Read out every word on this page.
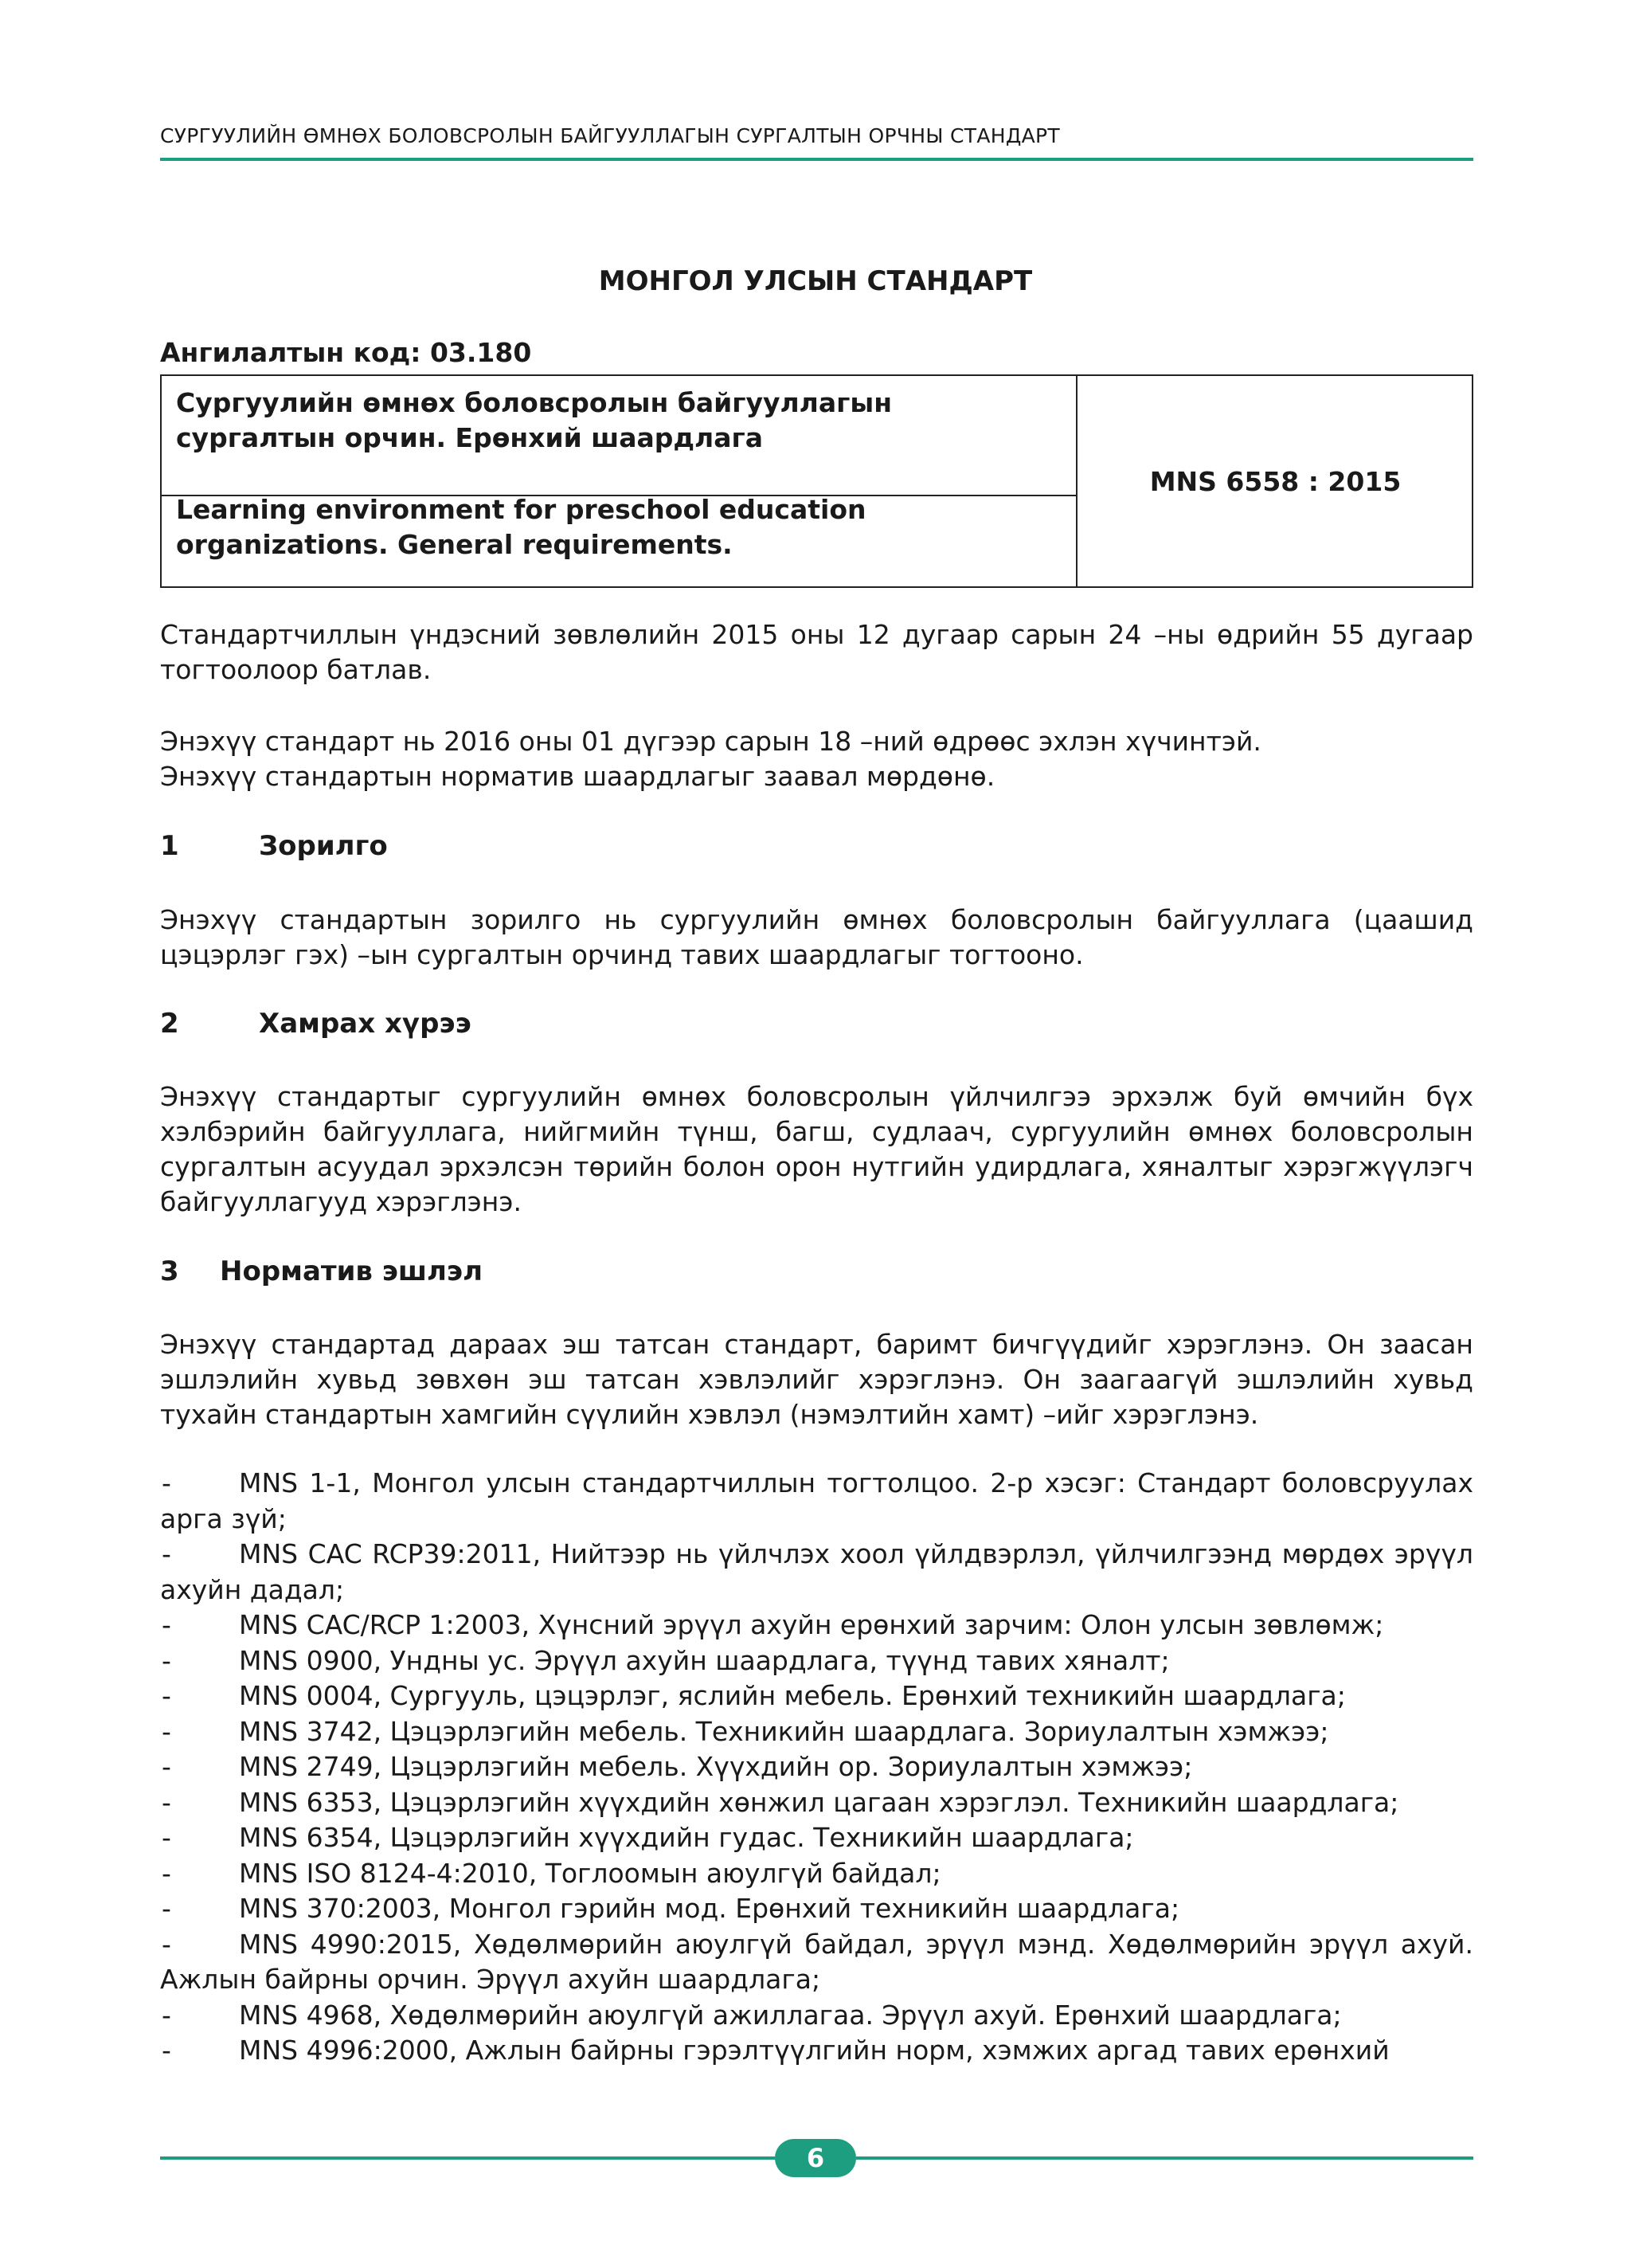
СУРГУУЛИЙН ӨМНӨХ БОЛОВСРОЛЫН БАЙГУУЛЛАГЫН СУРГАЛТЫН ОРЧНЫ СТАНДАРТ
МОНГОЛ УЛСЫН СТАНДАРТ
Ангилалтын код: 03.180
Сургуулийн өмнөх боловсролын байгууллагын сургалтын орчин. Ерөнхий шаардлага
Learning environment for preschool education organizations. General requirements.
MNS 6558 : 2015
Стандартчиллын үндэсний зөвлөлийн 2015 оны 12 дугаар сарын 24 –ны өдрийн 55 дугаар тогтоолоор батлав.
Энэхүү стандарт нь 2016 оны 01 дүгээр сарын 18 –ний өдрөөс эхлэн хүчинтэй.
Энэхүү стандартын норматив шаардлагыг заавал мөрдөнө.
1	Зорилго
Энэхүү стандартын зорилго нь сургуулийн өмнөх боловсролын байгууллага (цаашид цэцэрлэг гэх) –ын сургалтын орчинд тавих шаардлагыг тогтооно.
2	Хамрах хүрээ
Энэхүү стандартыг сургуулийн өмнөх боловсролын үйлчилгээ эрхэлж буй өмчийн бүх хэлбэрийн байгууллага, нийгмийн түнш, багш, судлаач, сургуулийн өмнөх боловсролын сургалтын асуудал эрхэлсэн төрийн болон орон нутгийн удирдлага, хяналтыг хэрэгжүүлэгч байгууллагууд хэрэглэнэ.
3 Норматив эшлэл
Энэхүү стандартад дараах эш татсан стандарт, баримт бичгүүдийг хэрэглэнэ. Он заасан эшлэлийн хувьд зөвхөн эш татсан хэвлэлийг хэрэглэнэ. Он заагаагүй эшлэлийн хувьд тухайн стандартын хамгийн сүүлийн хэвлэл (нэмэлтийн хамт) –ийг хэрэглэнэ.
-	MNS 1-1, Монгол улсын стандартчиллын тогтолцоо. 2-р хэсэг: Стандарт боловсруулах арга зүй;
-	MNS CAC RCP39:2011, Нийтээр нь үйлчлэх хоол үйлдвэрлэл, үйлчилгээнд мөрдөх эрүүл ахуйн дадал;
-	MNS CAC/RCP 1:2003, Хүнсний эрүүл ахуйн ерөнхий зарчим: Олон улсын зөвлөмж;
-	MNS 0900, Ундны ус. Эрүүл ахуйн шаардлага, түүнд тавих хяналт;
-	MNS 0004, Сургууль, цэцэрлэг, яслийн мебель. Ерөнхий техникийн шаардлага;
-	MNS 3742, Цэцэрлэгийн мебель. Техникийн шаардлага. Зориулалтын хэмжээ;
-	MNS 2749, Цэцэрлэгийн мебель. Хүүхдийн ор. Зориулалтын хэмжээ;
-	MNS 6353, Цэцэрлэгийн хүүхдийн хөнжил цагаан хэрэглэл. Техникийн шаардлага;
-	MNS 6354, Цэцэрлэгийн хүүхдийн гудас. Техникийн шаардлага;
-	MNS ISO 8124-4:2010, Тоглоомын аюулгүй байдал;
-	MNS 370:2003, Монгол гэрийн мод. Ерөнхий техникийн шаардлага;
-	MNS 4990:2015, Хөдөлмөрийн аюулгүй байдал, эрүүл мэнд. Хөдөлмөрийн эрүүл ахуй. Ажлын байрны орчин. Эрүүл ахуйн шаардлага;
-	MNS 4968, Хөдөлмөрийн аюулгүй ажиллагаа. Эрүүл ахуй. Ерөнхий шаардлага;
-	MNS 4996:2000, Ажлын байрны гэрэлтүүлгийн норм, хэмжих аргад тавих ерөнхий
6
